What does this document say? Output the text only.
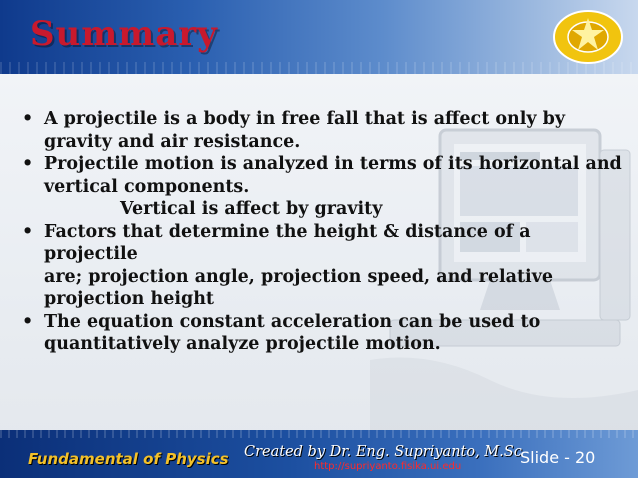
Summary
• A projectile is a body in free fall that is affect only by
gravity and air resistance.
• Projectile motion is analyzed in terms of its horizontal and
vertical components.
Vertical is affect by gravity
• Factors that determine the height & distance of a projectile
are; projection angle, projection speed, and relative
projection height
• The equation constant acceleration can be used to
quantitatively analyze projectile motion.
Fundamental of Physics Created by Dr. Eng. Supriyanto, M.Sc
http://supriyanto.fisika.ui.edu	Slide - 20
